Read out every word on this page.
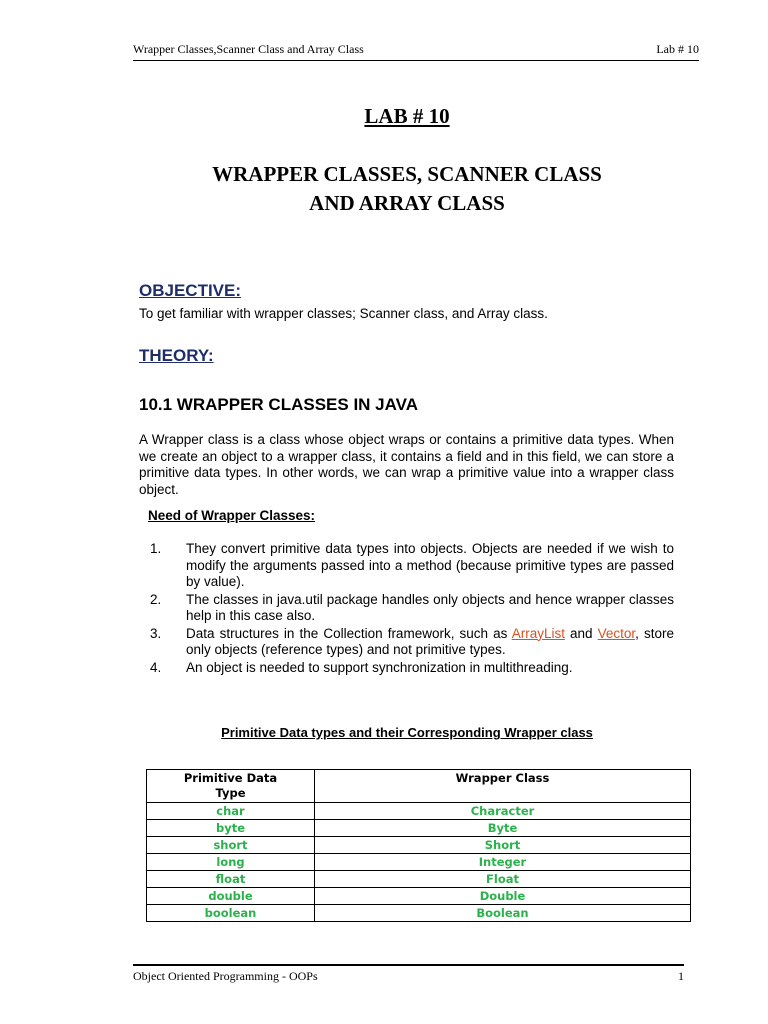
Wrapper Classes,Scanner Class and Array Class	Lab # 10
LAB # 10
WRAPPER CLASSES, SCANNER CLASS
AND ARRAY CLASS
OBJECTIVE:
To get familiar with wrapper classes; Scanner class, and Array class.
THEORY:
10.1 WRAPPER CLASSES IN JAVA
A Wrapper class is a class whose object wraps or contains a primitive data types. When we create an object to a wrapper class, it contains a field and in this field, we can store a primitive data types. In other words, we can wrap a primitive value into a wrapper class object.
Need of Wrapper Classes:
1.	They convert primitive data types into objects. Objects are needed if we wish to modify the arguments passed into a method (because primitive types are passed by value).
2.	The classes in java.util package handles only objects and hence wrapper classes help in this case also.
3.	Data structures in the Collection framework, such as ArrayList and Vector, store only objects (reference types) and not primitive types.
4.	An object is needed to support synchronization in multithreading.
Primitive Data types and their Corresponding Wrapper class
Primitive Data Type	Wrapper Class
char	Character
byte	Byte
short	Short
long	Integer
float	Float
double	Double
boolean	Boolean
Object Oriented Programming - OOPs	1
